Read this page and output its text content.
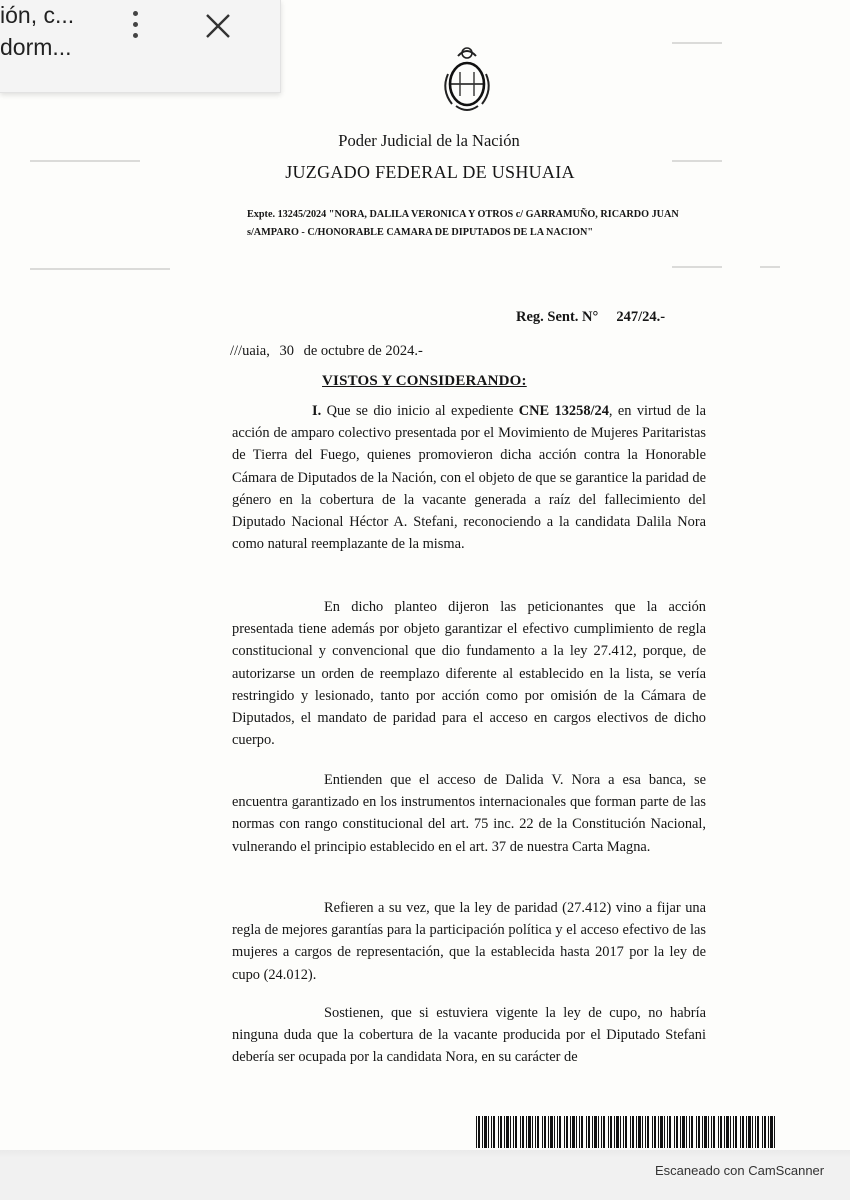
ión, c...
dorm...
Poder Judicial de la Nación
JUZGADO FEDERAL DE USHUAIA
Expte. 13245/2024 "NORA, DALILA VERONICA Y OTROS c/ GARRAMUÑO, RICARDO JUAN
s/AMPARO - C/HONORABLE CAMARA DE DIPUTADOS DE LA NACION"
Reg. Sent. N° 247/24.-
///uaia, 30 de octubre de 2024.-
VISTOS Y CONSIDERANDO:
I. Que se dio inicio al expediente CNE 13258/24, en virtud de la acción de amparo colectivo presentada por el Movimiento de Mujeres Paritaristas de Tierra del Fuego, quienes promovieron dicha acción contra la Honorable Cámara de Diputados de la Nación, con el objeto de que se garantice la paridad de género en la cobertura de la vacante generada a raíz del fallecimiento del Diputado Nacional Héctor A. Stefani, reconociendo a la candidata Dalila Nora como natural reemplazante de la misma.
En dicho planteo dijeron las peticionantes que la acción presentada tiene además por objeto garantizar el efectivo cumplimiento de regla constitucional y convencional que dio fundamento a la ley 27.412, porque, de autorizarse un orden de reemplazo diferente al establecido en la lista, se vería restringido y lesionado, tanto por acción como por omisión de la Cámara de Diputados, el mandato de paridad para el acceso en cargos electivos de dicho cuerpo.
Entienden que el acceso de Dalida V. Nora a esa banca, se encuentra garantizado en los instrumentos internacionales que forman parte de las normas con rango constitucional del art. 75 inc. 22 de la Constitución Nacional, vulnerando el principio establecido en el art. 37 de nuestra Carta Magna.
Refieren a su vez, que la ley de paridad (27.412) vino a fijar una regla de mejores garantías para la participación política y el acceso efectivo de las mujeres a cargos de representación, que la establecida hasta 2017 por la ley de cupo (24.012).
Sostienen, que si estuviera vigente la ley de cupo, no habría ninguna duda que la cobertura de la vacante producida por el Diputado Stefani debería ser ocupada por la candidata Nora, en su carácter de
Escaneado con CamScanner
